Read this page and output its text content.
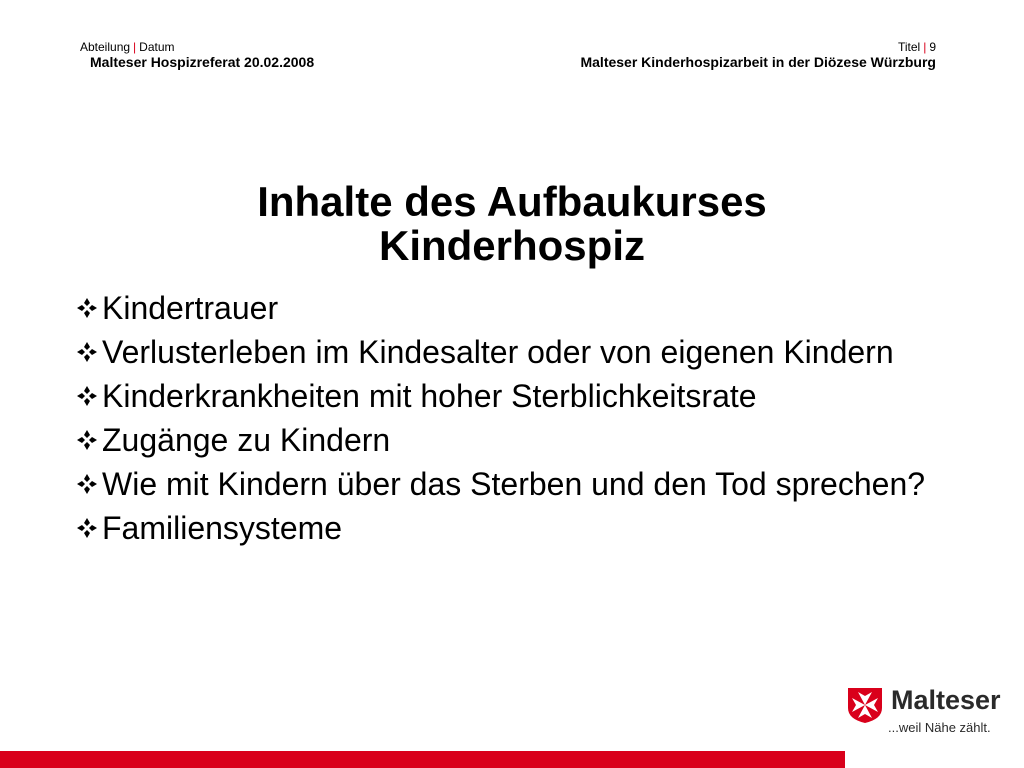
Abteilung | Datum
Malteser Hospizreferat 20.02.2008
Titel | 9
Malteser Kinderhospizarbeit in der Diözese Würzburg
Inhalte des Aufbaukurses
Kinderhospiz
Kindertrauer
Verlusterleben im Kindesalter oder von eigenen Kindern
Kinderkrankheiten mit hoher Sterblichkeitsrate
Zugänge zu Kindern
Wie mit Kindern über das Sterben und den Tod sprechen?
Familiensysteme
Malteser
...weil Nähe zählt.
